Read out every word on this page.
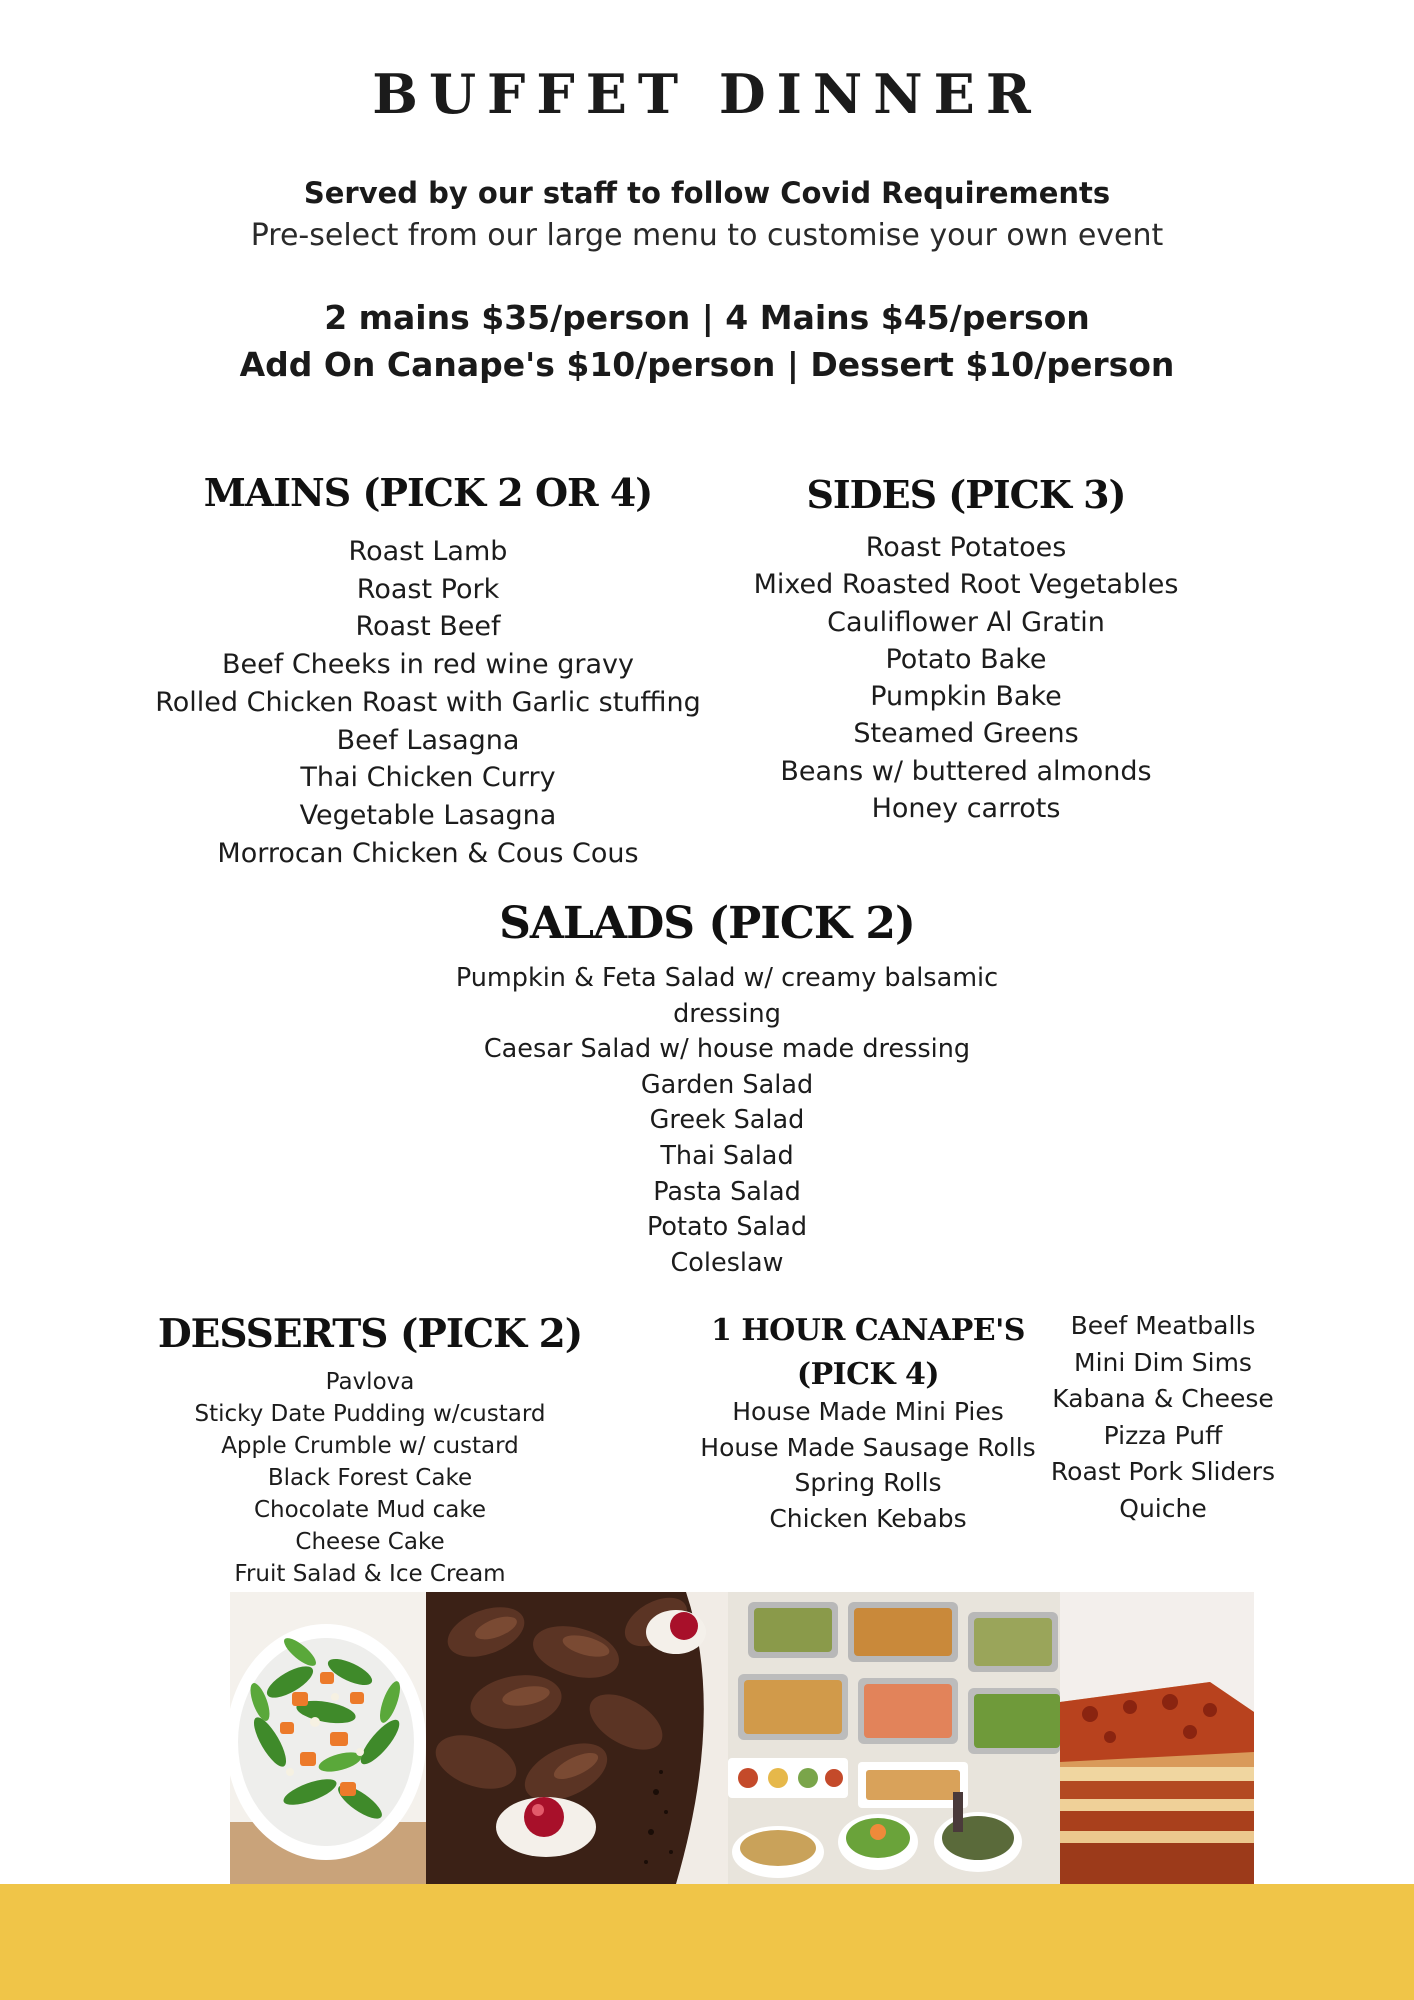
BUFFET DINNER
Served by our staff to follow Covid Requirements
Pre-select from our large menu to customise your own event
2 mains $35/person | 4 Mains $45/person
Add On Canape's $10/person | Dessert $10/person
MAINS (PICK 2 OR 4)
Roast Lamb
Roast Pork
Roast Beef
Beef Cheeks in red wine gravy
Rolled Chicken Roast with Garlic stuffing
Beef Lasagna
Thai Chicken Curry
Vegetable Lasagna
Morrocan Chicken & Cous Cous
SIDES (PICK 3)
Roast Potatoes
Mixed Roasted Root Vegetables
Cauliflower Al Gratin
Potato Bake
Pumpkin Bake
Steamed Greens
Beans w/ buttered almonds
Honey carrots
SALADS (PICK 2)
Pumpkin & Feta Salad w/ creamy balsamic dressing
Caesar Salad w/ house made dressing
Garden Salad
Greek Salad
Thai Salad
Pasta Salad
Potato Salad
Coleslaw
DESSERTS (PICK 2)
Pavlova
Sticky Date Pudding w/custard
Apple Crumble w/ custard
Black Forest Cake
Chocolate Mud cake
Cheese Cake
Fruit Salad & Ice Cream
1 HOUR CANAPE'S
(PICK 4)
House Made Mini Pies
House Made Sausage Rolls
Spring Rolls
Chicken Kebabs
Beef Meatballs
Mini Dim Sims
Kabana & Cheese
Pizza Puff
Roast Pork Sliders
Quiche
